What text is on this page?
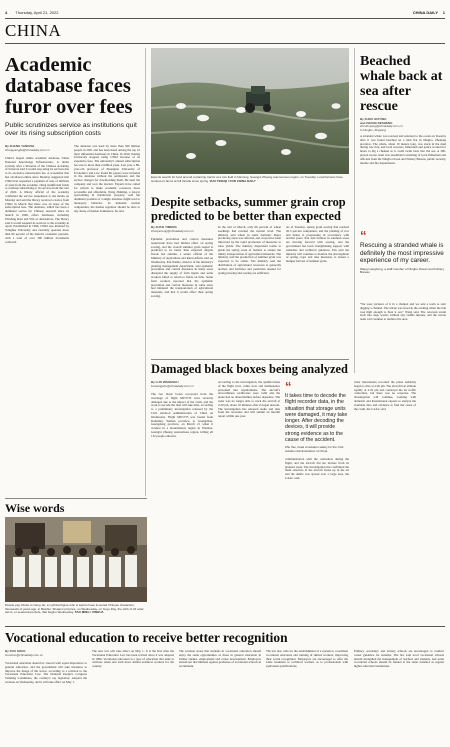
4 Thursday, April 21, 2022	CHINA DAILY 1
CHINA
Academic database faces furor over fees
Public scrutinizes service as institutions quit over its rising subscription costs
By ZHANG YANGFEI
zhangyangfei@chinadaily.com.cn
China's largest online academic database, China National Knowledge Infrastructure, is under scrutiny after a librarian of the Chinese Academy of Sciences said it would stop using its services due to its excessive subscription fee. A screenshot that has circulated online since Monday suggested that CNKI had requested a payment of tens of millions of yuan from the academy, citing insufficient funds to continue subscribing to its services from the start of 2022. A library official of the academy confirmed the service suspension to the media on Monday and said the library received a notice from CNKI in March that there was an issue of the subscription fees. The database, which has been a dominant source for Chinese research since its launch in 1999, offers databases, including Wanfang Data and VIP, as alternatives. The library said it would suspend its services to the academy in April. Established in 1996, CNKI was initiated by Tsinghua University and currently operates more than 90 percent of the nation's academic journals, with a total of over 300 million documents collected.
The database was used by more than 500 million people in 2021 and has been listed among the top 10 most influential databases in China. In 2016, Peking University stopped using CNKI because of its expensive fees. The university's annual subscription fee rose to more than 2 million yuan. Last year, a 89-year-old professor of Zhongnan University of Economics and Law found his papers were included in the database without his permission and the service charged for downloading them. He sued the company and won the lawsuit. Experts have called for reform to make academic resources more accessible and affordable. Wang Zhiming, a lawyer specializing in intellectual property, said the dominant position of a single database might lead to monopoly behavior. To maintain normal competition, the market regulator should be alert to any abuse of market dominance, he said.
Experts search for food around a planting tractor at a rice field in Nanning, Guangxi Zhuang autonomous region, on Tuesday. Local farmers have worked on farms at full throttle since spring. ZHU YINGQI / FOR CHINA DAILY
Despite setbacks, summer grain crop predicted to be better than expected
By ZHAO YIMENG
zhaoyimeng@chinadaily.com.cn
Epidemic prevention and control measures nationwide have had limited effect on spring sowing, and the overall summer grain output is predicted to be better than expected despite floods last autumn, a senior official of the Ministry of Agriculture and Rural Affairs said on Wednesday. Pan Wenbo, director of the ministry's planting management department, said epidemic prevention and control measures in many areas disrupted the supply of farm inputs and some workers failed to return to fields on time. Some farm workers reported that the epidemic prevention and control measures in some areas had hindered the transportation of agricultural materials, and that it would affect their spring sowing.
In the end of March, only 66 percent of wheat seedlings had reached the normal level. The ministry said wheat in some domestic major producing areas was affected, and crops have been improved by the rapid promotion of measures to raise yields. The ministry dispatched teams to guide the spring work of farmers to ensure the timely transportation of agricultural materials. The ministry said the production of summer grain was expected to be stable. The ministry said the distribution of agricultural resources is generally normal, and fertilizer and pesticides needed for spring plowing and sowing are sufficient.
As of Tuesday, spring grain sowing had reached 26.5 percent completion, and the planting of rice and maize is progressing in accordance with normal years. Pan said farmers in southern areas are moving forward with sowing, and the government has been strengthening support with subsidies and technical guidance. Pan said the ministry will continue to monitor the development of spring crops and take measures to ensure a bumper harvest of summer grain.
Damaged black boxes being analyzed
By LUO WANGSHU
luowangshu@chinadaily.com.cn
The two black boxes recovered from the wreckage of flight MU5735 were severely damaged due to the impact of the crash, and the work to decode the data will take time, according to a preliminary investigation released by the Civil Aviation Administration of China on Wednesday. Flight MU5735 was bound from Kunming, Yunnan province, to Guangzhou, Guangdong province, on March 21 when it crashed in a mountainous region in Wuzhou, Guangxi Zhuang autonomous region, killing all 132 people onboard.
According to the investigation, the qualifications of the flight crew, cabin crew and maintenance personnel met requirements. The aircraft's airworthiness certificates were valid and the plane had no abnormalities before departure. The radar was no longer able to track the aircraft at 2:20 pm, about 10 minutes after it began descent. The investigation has released audio and data from the recorders and will submit an interim report within one year.
“
It takes time to decode the flight recorder data, in the situation that storage units were damaged, it may take longer. After decoding the devices, it will provide strong evidence as to the cause of the accident.
Zhu Tao, head of aviation safety for the Civil Aviation Administration of China
communication with the controllers during the flight, and the aircraft did not deviate from its planned route. The investigation has confirmed the main structure of the aircraft broke up in the air and the debris was spread over a large area, the CAAC said.
radar information recorded the plane suddenly began to dive at 2:20 pm. The aircraft lost altitude rapidly at 2:22 pm and contacted the air traffic controllers, but there was no response. The investigation will continue, working with domestic and international experts to analyze the available data and evidence to find the cause of the crash, the CAAC said.
Beached whale back at sea after rescue
By ZHOU HUIYING
and ZHANG DESHENG
zhouhuiying@chinadaily.com.cn
In Ningbo, Zhejiang
A stranded whale was rescued and returned to the ocean on Tuesday after it was found beached on a tidal flat in Ningbo, Zhejiang province. The whale, about 10 meters long, was stuck in the mud during low tide, and local rescuers, fishermen and police worked for hours to dig a channel so it could swim back into the sea. A 300-person rescue team was assembled consisting of local fishermen and officials from the Ningbo Ocean and Fishery Bureau, public security, marine and fire departments.
“
Rescuing a stranded whale is definitely the most impressive experience of my career.
Wang Lianghong, a staff member of Ningbo Ocean and Fishery Bureau
"We were pictures of it in a channel and we sent a team to start digging a channel. The whale was freed in the evening when the tide rose high enough to float it out," Wang said. The cetacean swam back into deep waters without any visible injuries, and the rescue team will continue to monitor the area.
Wise words
People pay tribute to Cang Jie, a mythical figure who is said to have invented Chinese characters thousands of years ago, in Baishui, Shaanxi province, on Wednesday, on Guyu Day, the sixth of 24 solar terms, or seasonal periods, that begins Wednesday. TAO MING / XINHUA
Vocational education to receive better recognition
By ZOU SHUO
zoushuo@chinadaily.com.cn
Vocational education should be viewed with equal importance to general education, and the government will take measures to improve the image of the sector, according to a revision to the Vocational Education Law. The National People's Congress Standing Committee, the country's top legislator, adopted the revision on Wednesday, and it will take effect on May 1.
The new law will take effect on May 1. It is the first time the Vocational Education Law has been revised since it was adopted in 1996. Vocational education is a type of education that aims to cultivate talent and train more skilled technical workers for the country.
The revision states that students in vocational education should enjoy the same opportunities as those in general education in further studies, employment and career development. Employers should not discriminate against graduates of vocational schools in recruitment.
The law also calls for the establishment of a system to coordinate vocational education and training of skilled workers, improving their social recognition. Employers are encouraged to offer the same treatment to technical workers as to professionals with equivalent qualifications.
Primary, secondary and tertiary schools are encouraged to conduct career guidance for students. The law said local vocational schools should strengthen the management of teachers and students, and some vocational schools should be funded at the same standard as regular higher education institutions.
